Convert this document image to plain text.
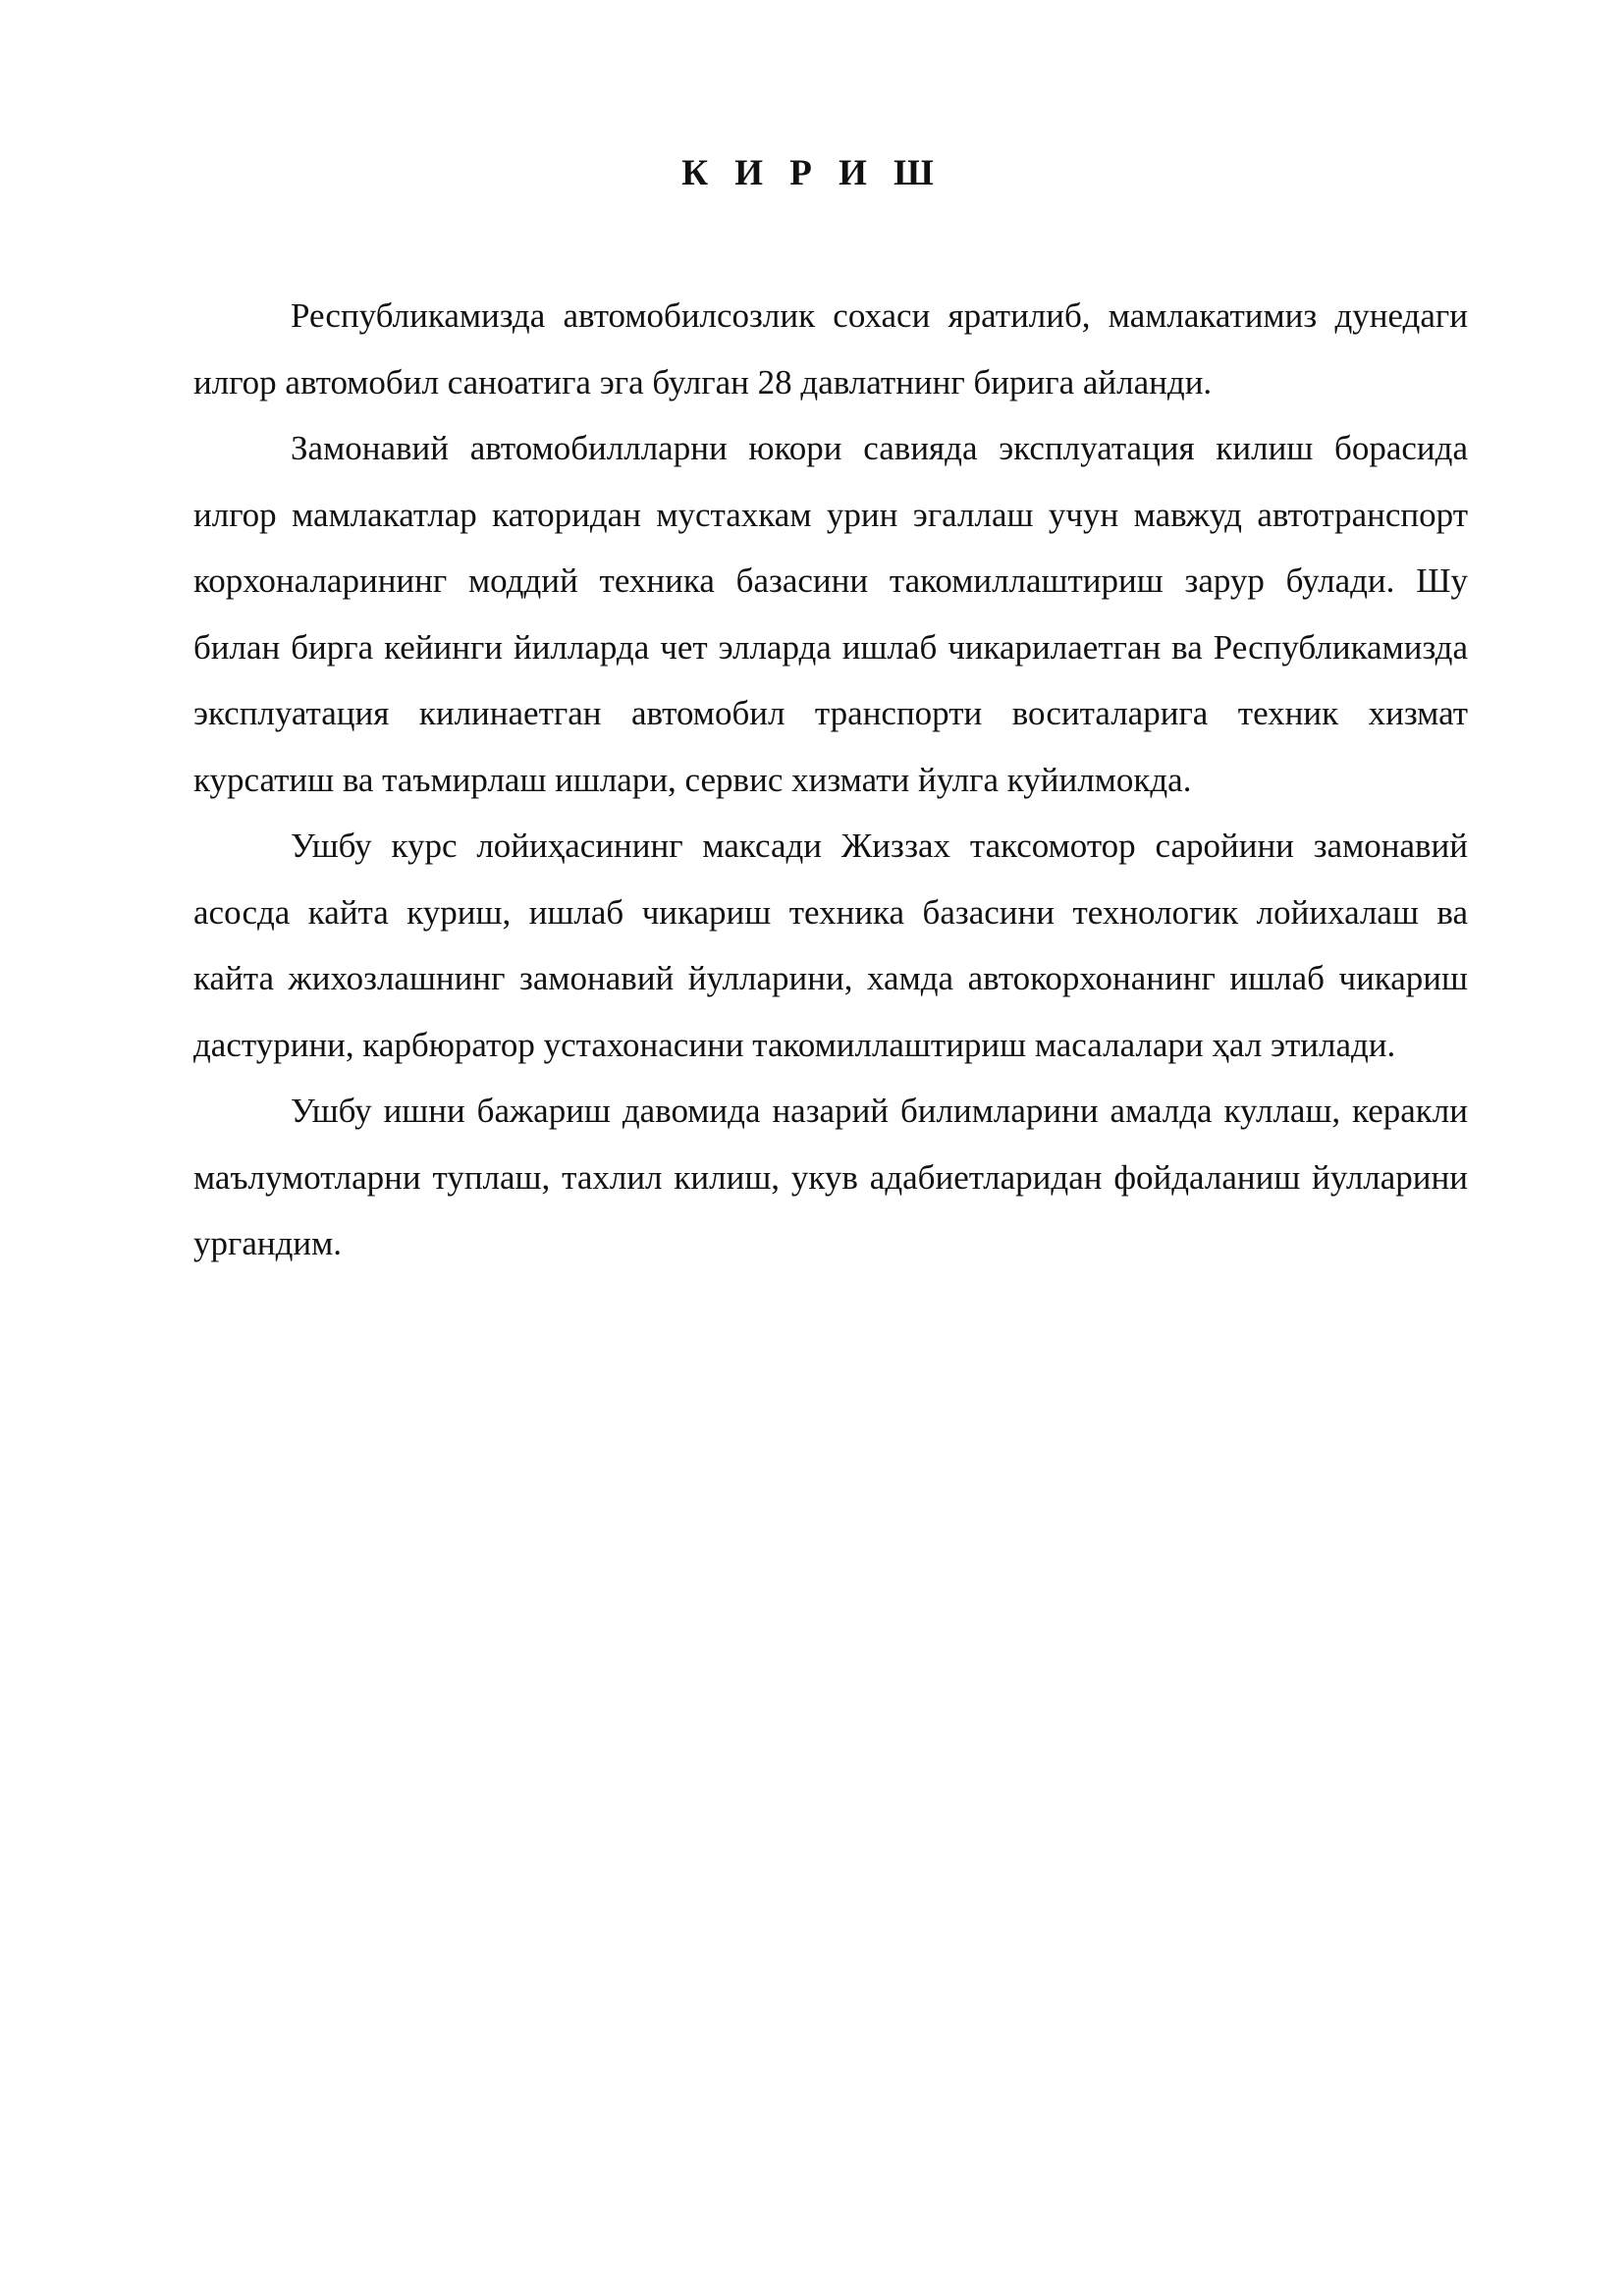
К И Р И Ш

Республикамизда автомобилсозлик сохаси яратилиб, мамлакатимиз дунедаги илгор автомобил саноатига эга булган 28 давлатнинг бирига айланди.

Замонавий автомобиллларни юкори савияда эксплуатация килиш борасида илгор мамлакатлар каторидан мустахкам урин эгаллаш учун мавжуд автотранспорт корхоналарининг моддий техника базасини такомиллаштириш зарур булади. Шу билан бирга кейинги йилларда чет элларда ишлаб чикарилаетган ва Республикамизда эксплуатация килинаетган автомобил транспорти воситаларига техник хизмат курсатиш ва таъмирлаш ишлари, сервис хизмати йулга куйилмокда.

Ушбу курс лойиҳасининг максади Жиззах таксомотор саройини замонавий асосда кайта куриш, ишлаб чикариш техника базасини технологик лойихалаш ва кайта жихозлашнинг замонавий йулларини, хамда автокорхонанинг ишлаб чикариш дастурини, карбюратор устахонасини такомиллаштириш масалалари ҳал этилади.

Ушбу ишни бажариш давомида назарий билимларини амалда куллаш, керакли маълумотларни туплаш, тахлил килиш, укув адабиетларидан фойдаланиш йулларини ургандим.
